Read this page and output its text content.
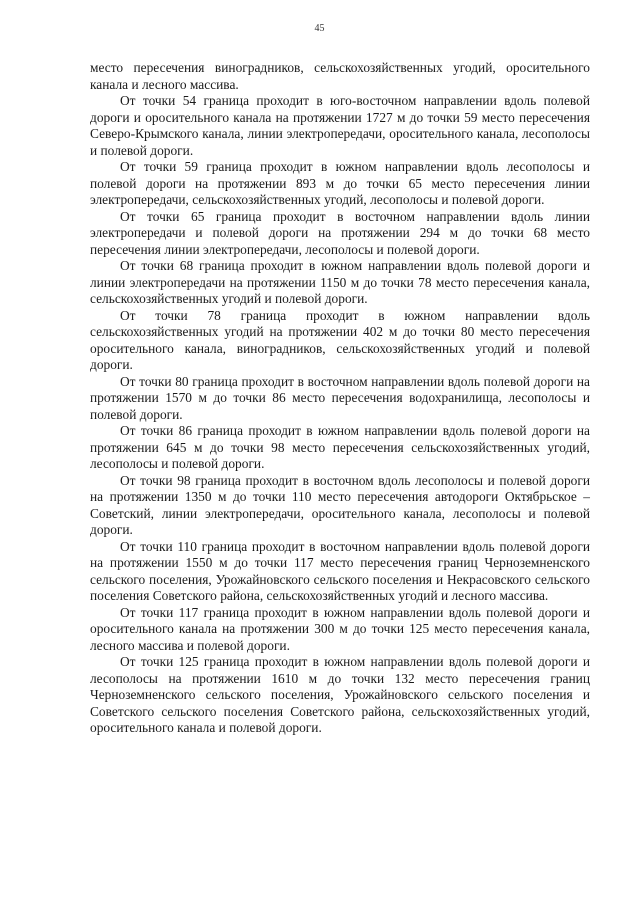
45

место пересечения виноградников, сельскохозяйственных угодий, оросительного канала и лесного массива.

От точки 54 граница проходит в юго-восточном направлении вдоль полевой дороги и оросительного канала на протяжении 1727 м до точки 59 место пересечения Северо-Крымского канала, линии электропередачи, оросительного канала, лесополосы и полевой дороги.

От точки 59 граница проходит в южном направлении вдоль лесополосы и полевой дороги на протяжении 893 м до точки 65 место пересечения линии электропередачи, сельскохозяйственных угодий, лесополосы и полевой дороги.

От точки 65 граница проходит в восточном направлении вдоль линии электропередачи и полевой дороги на протяжении 294 м до точки 68 место пересечения линии электропередачи, лесополосы и полевой дороги.

От точки 68 граница проходит в южном направлении вдоль полевой дороги и линии электропередачи на протяжении 1150 м до точки 78 место пересечения канала, сельскохозяйственных угодий и полевой дороги.

От точки 78 граница проходит в южном направлении вдоль сельскохозяйственных угодий на протяжении 402 м до точки 80 место пересечения оросительного канала, виноградников, сельскохозяйственных угодий и полевой дороги.

От точки 80 граница проходит в восточном направлении вдоль полевой дороги на протяжении 1570 м до точки 86 место пересечения водохранилища, лесополосы и полевой дороги.

От точки 86 граница проходит в южном направлении вдоль полевой дороги на протяжении 645 м до точки 98 место пересечения сельскохозяйственных угодий, лесополосы и полевой дороги.

От точки 98 граница проходит в восточном вдоль лесополосы и полевой дороги на протяжении 1350 м до точки 110 место пересечения автодороги Октябрьское – Советский, линии электропередачи, оросительного канала, лесополосы и полевой дороги.

От точки 110 граница проходит в восточном направлении вдоль полевой дороги на протяжении 1550 м до точки 117 место пересечения границ Черноземненского сельского поселения, Урожайновского сельского поселения и Некрасовского сельского поселения Советского района, сельскохозяйственных угодий и лесного массива.

От точки 117 граница проходит в южном направлении вдоль полевой дороги и оросительного канала на протяжении 300 м до точки 125 место пересечения канала, лесного массива и полевой дороги.

От точки 125 граница проходит в южном направлении вдоль полевой дороги и лесополосы на протяжении 1610 м до точки 132 место пересечения границ Черноземненского сельского поселения, Урожайновского сельского поселения и Советского сельского поселения Советского района, сельскохозяйственных угодий, оросительного канала и полевой дороги.
